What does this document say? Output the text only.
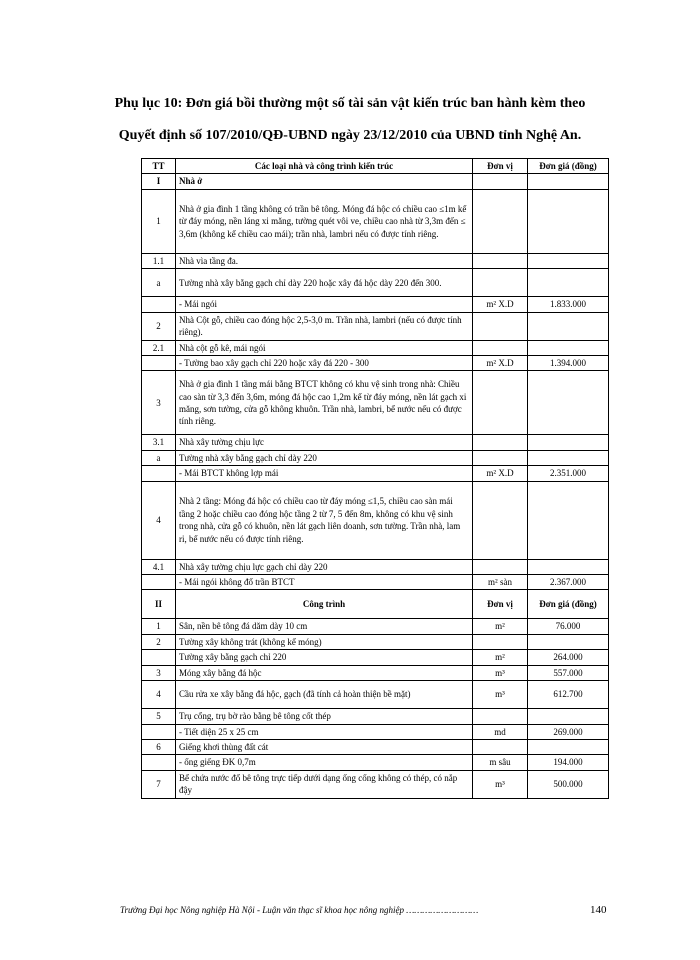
Phụ lục 10: Đơn giá bồi thường một số tài sản vật kiến trúc ban hành kèm theo
Quyết định số 107/2010/QĐ-UBND ngày 23/12/2010 của UBND tỉnh Nghệ An.
TT	Các loại nhà và công trình kiến trúc	Đơn vị	Đơn giá (đồng)
I	Nhà ở		
1	Nhà ở gia đình 1 tầng không có trần bê tông. Móng đá hộc có chiều cao ≤1m kể từ đáy móng, nền láng xi măng, tường quét vôi ve, chiều cao nhà từ 3,3m đến ≤ 3,6m (không kể chiều cao mái); trần nhà, lambri nếu có được tính riêng.		
1.1	Nhà vìa tầng đa.		
a	Tường nhà xây bằng gạch chỉ dày 220 hoặc xây đá hộc dày 220 đến 300.		
	- Mái ngói	m² X.D	1.833.000
2	Nhà Cột gỗ, chiều cao đóng hộc 2,5-3,0 m. Trần nhà, lambri (nếu có được tính riêng).		
2.1	Nhà cột gỗ kê, mái ngói		
	- Tường bao xây gạch chỉ 220 hoặc xây đá 220 - 300	m² X.D	1.394.000
3	Nhà ở gia đình 1 tầng mái bằng BTCT không có khu vệ sinh trong nhà: Chiều cao sàn từ 3,3 đến 3,6m, móng đá hộc cao 1,2m kể từ đáy móng, nền lát gạch xi măng, sơn tường, cửa gỗ không khuôn. Trần nhà, lambri, bể nước nếu có được tính riêng.		
3.1	Nhà xây tường chịu lực		
a	Tường nhà xây bằng gạch chỉ dày 220		
	- Mái BTCT không lợp mái	m² X.D	2.351.000
4	Nhà 2 tầng: Móng đá hộc có chiều cao từ đáy móng ≤1,5, chiều cao sàn mái tầng 2 hoặc chiều cao đóng hộc tầng 2 từ 7, 5 đến 8m, không có khu vệ sinh trong nhà, cửa gỗ có khuôn, nền lát gạch liên doanh, sơn tường. Trần nhà, lam ri, bể nước nếu có được tính riêng.		
4.1	Nhà xây tường chịu lực gạch chỉ dày 220		
	- Mái ngói không đổ trần BTCT	m² sàn	2.367.000
II	Công trình	Đơn vị	Đơn giá (đồng)
1	Sân, nền bê tông đá dăm dày 10 cm	m²	76.000
2	Tường xây không trát (không kể móng)		
	Tường xây bằng gạch chỉ 220	m²	264.000
3	Móng xây bằng đá hộc	m³	557.000
4	Cầu rửa xe xây bằng đá hộc, gạch (đã tính cả hoàn thiện bề mặt)	m³	612.700
5	Trụ cổng, trụ bờ rào bằng bê tông cốt thép		
	- Tiết diện 25 x 25 cm	md	269.000
6	Giếng khơi thùng đất cát		
	- ống giếng ĐK 0,7m	m sâu	194.000
7	Bể chứa nước đổ bê tông trực tiếp dưới dạng ống cống không có thép, có nắp đậy	m³	500.000
Trường Đại học Nông nghiệp Hà Nội - Luận văn thạc sĩ khoa học nông nghiệp ………………………	140
